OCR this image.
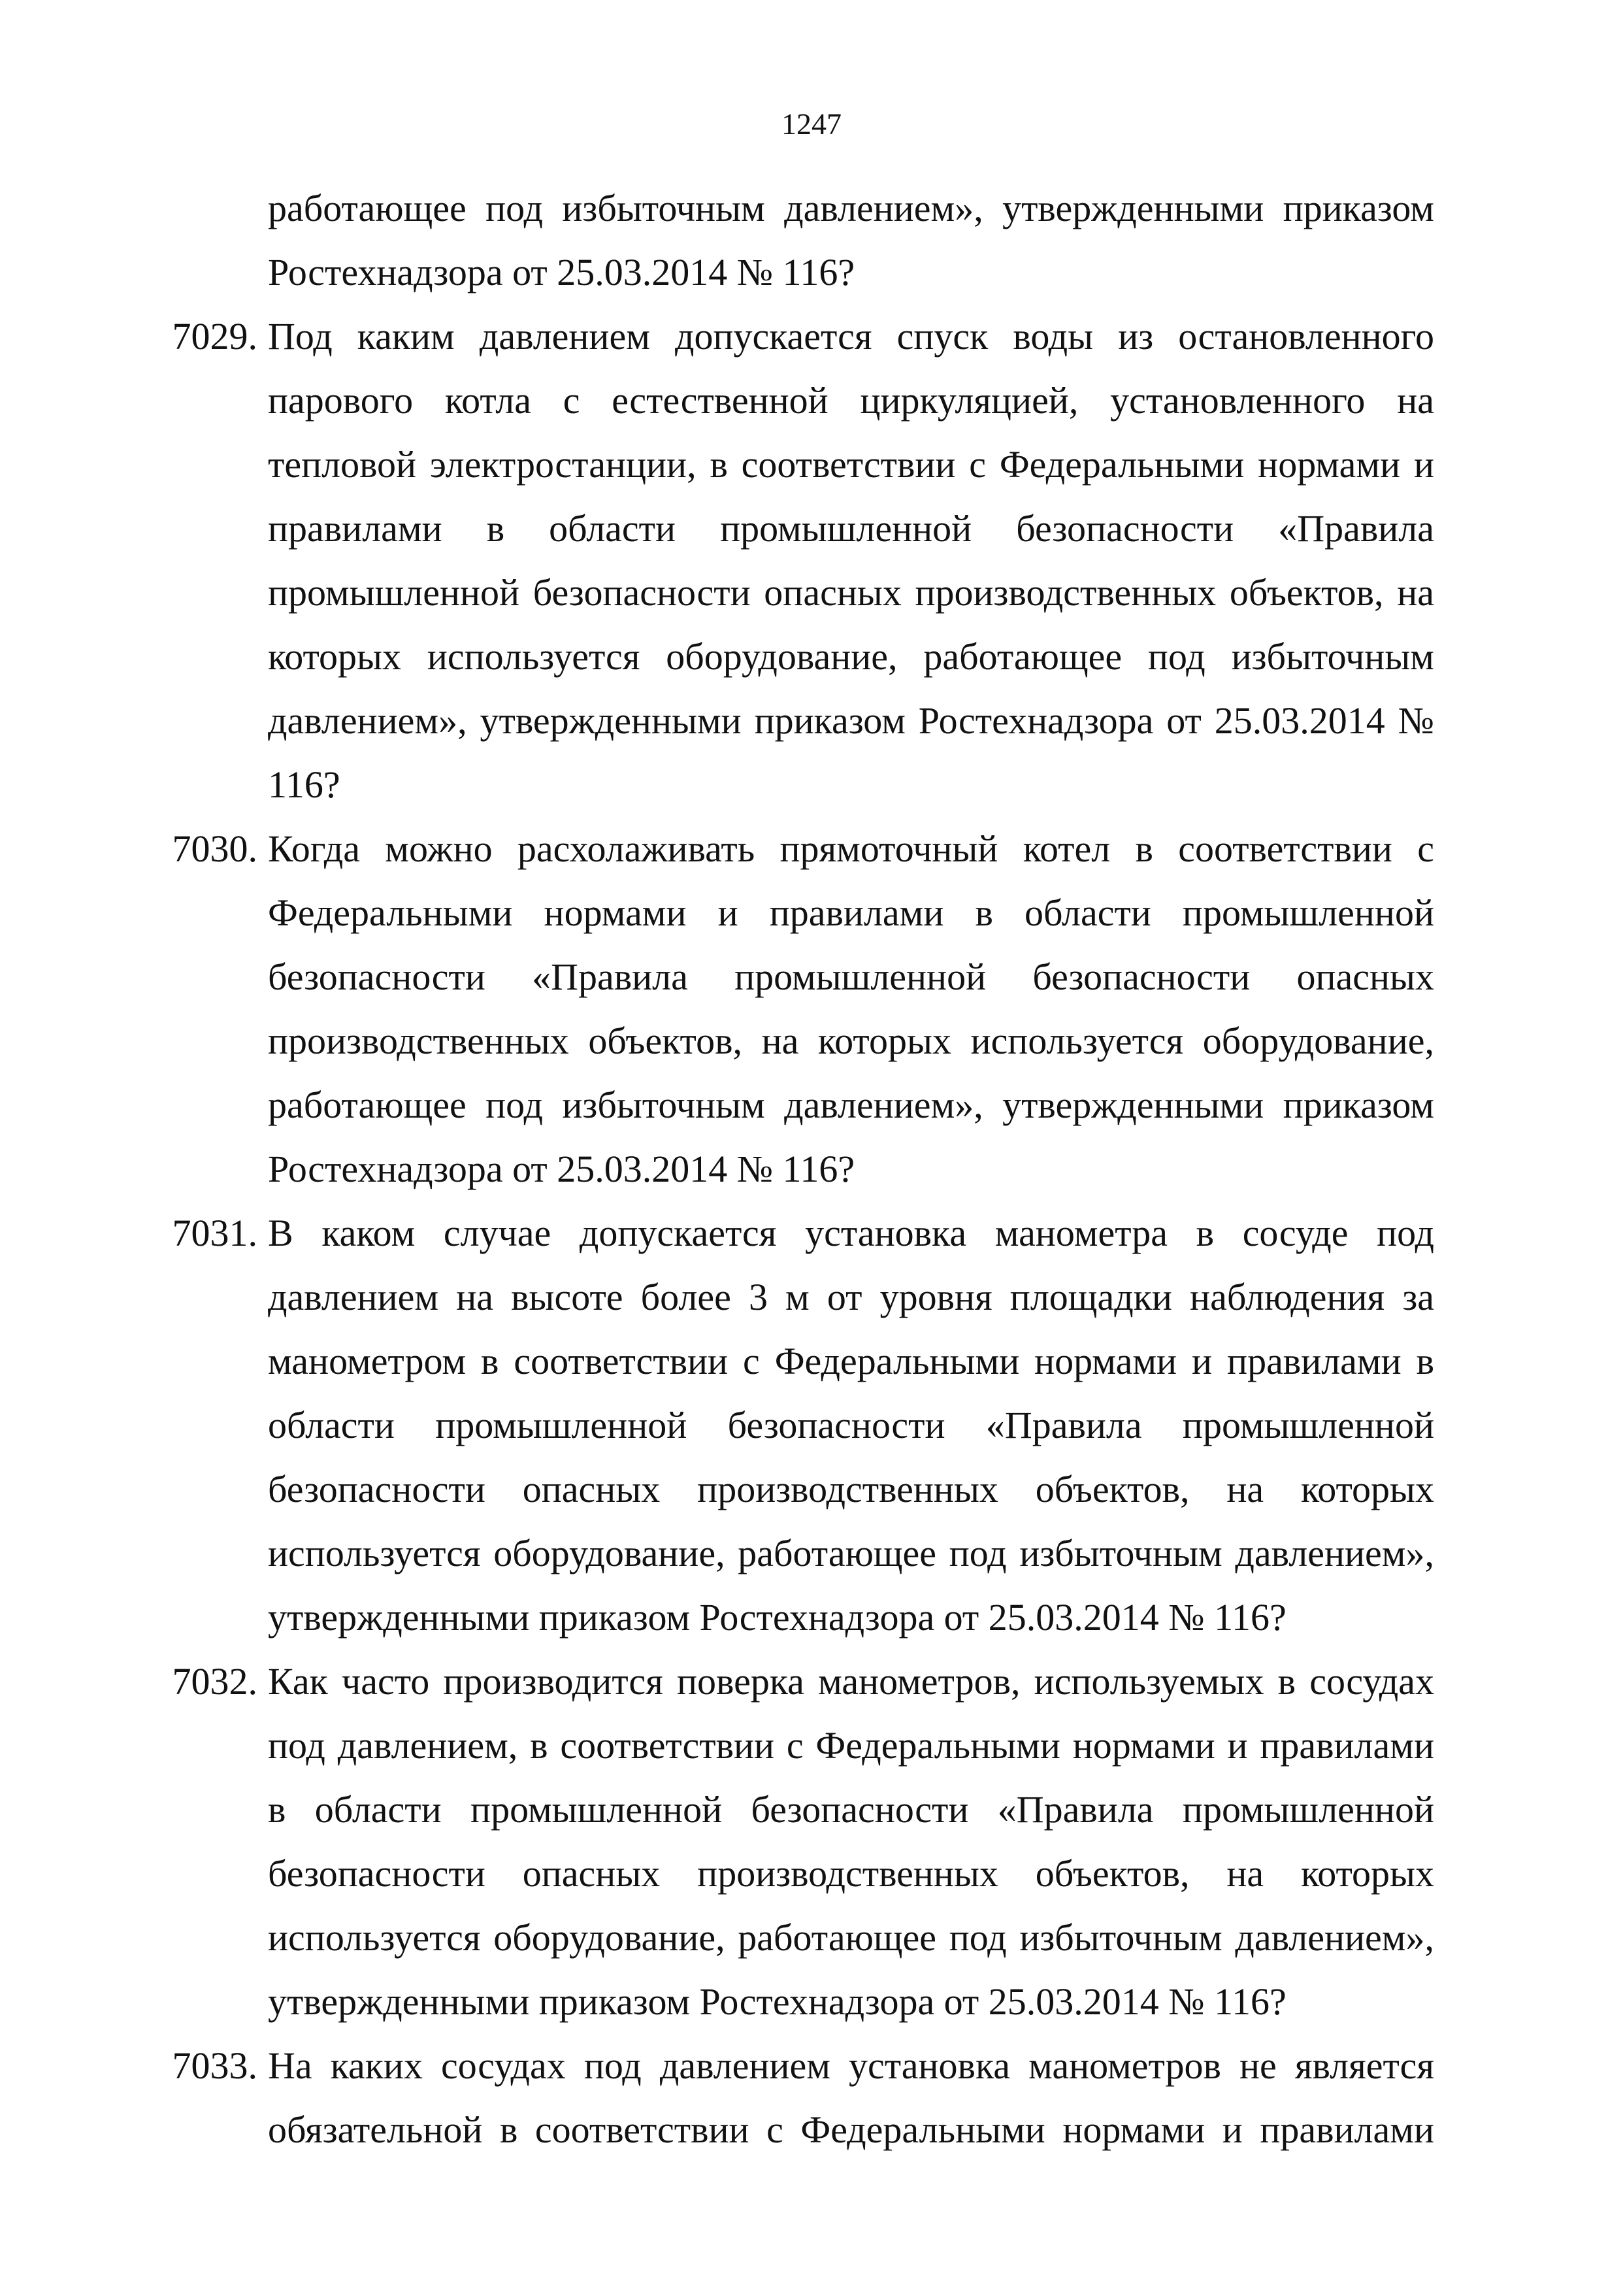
1247

работающее под избыточным давлением», утвержденными приказом Ростехнадзора от 25.03.2014 № 116?

7029. Под каким давлением допускается спуск воды из остановленного парового котла с естественной циркуляцией, установленного на тепловой электростанции, в соответствии с Федеральными нормами и правилами в области промышленной безопасности «Правила промышленной безопасности опасных производственных объектов, на которых используется оборудование, работающее под избыточным давлением», утвержденными приказом Ростехнадзора от 25.03.2014 № 116?
7030. Когда можно расхолаживать прямоточный котел в соответствии с Федеральными нормами и правилами в области промышленной безопасности «Правила промышленной безопасности опасных производственных объектов, на которых используется оборудование, работающее под избыточным давлением», утвержденными приказом Ростехнадзора от 25.03.2014 № 116?
7031. В каком случае допускается установка манометра в сосуде под давлением на высоте более 3 м от уровня площадки наблюдения за манометром в соответствии с Федеральными нормами и правилами в области промышленной безопасности «Правила промышленной безопасности опасных производственных объектов, на которых используется оборудование, работающее под избыточным давлением», утвержденными приказом Ростехнадзора от 25.03.2014 № 116?
7032. Как часто производится поверка манометров, используемых в сосудах под давлением, в соответствии с Федеральными нормами и правилами в области промышленной безопасности «Правила промышленной безопасности опасных производственных объектов, на которых используется оборудование, работающее под избыточным давлением», утвержденными приказом Ростехнадзора от 25.03.2014 № 116?
7033. На каких сосудах под давлением установка манометров не является обязательной в соответствии с Федеральными нормами и правилами
